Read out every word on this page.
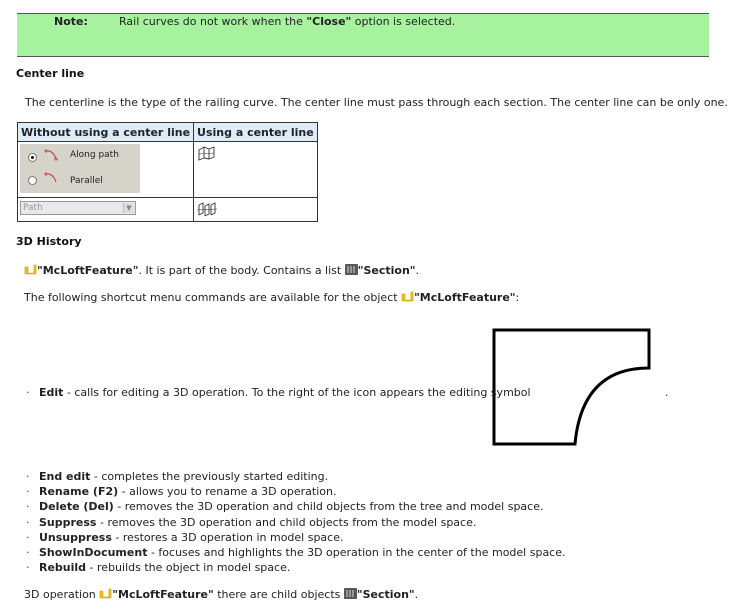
Note:	Rail curves do not work when the "Close" option is selected.
Center line
The centerline is the type of the railing curve. The center line must pass through each section. The center line can be only one.
Without using a center line	Using a center line

Along path
Parallel

Path ▼

3D History
"McLoftFeature". It is part of the body. Contains a list "Section".
The following shortcut menu commands are available for the object "McLoftFeature":
.
· Edit - calls for editing a 3D operation. To the right of the icon appears the editing symbol
· End edit - completes the previously started editing.
· Rename (F2) - allows you to rename a 3D operation.
· Delete (Del) - removes the 3D operation and child objects from the tree and model space.
· Suppress - removes the 3D operation and child objects from the model space.
· Unsuppress - restores a 3D operation in model space.
· ShowInDocument - focuses and highlights the 3D operation in the center of the model space.
· Rebuild - rebuilds the object in model space.
3D operation "McLoftFeature" there are child objects "Section".
